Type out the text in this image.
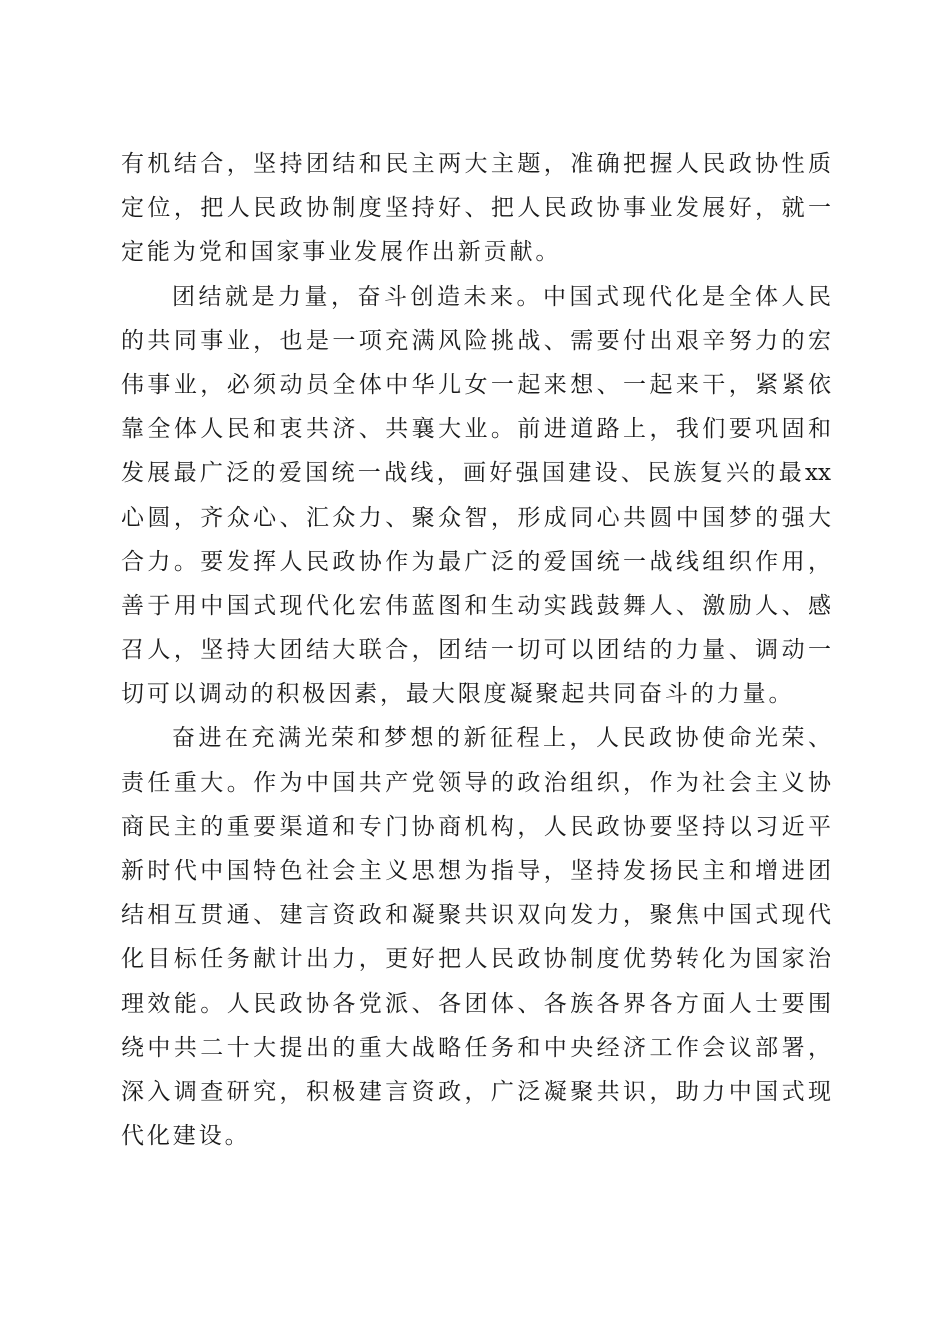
有机结合，坚持团结和民主两大主题，准确把握人民政协性质
定位，把人民政协制度坚持好、把人民政协事业发展好，就一
定能为党和国家事业发展作出新贡献。
团结就是力量，奋斗创造未来。中国式现代化是全体人民
的共同事业，也是一项充满风险挑战、需要付出艰辛努力的宏
伟事业，必须动员全体中华儿女一起来想、一起来干，紧紧依
靠全体人民和衷共济、共襄大业。前进道路上，我们要巩固和
发展最广泛的爱国统一战线，画好强国建设、民族复兴的最xx
心圆，齐众心、汇众力、聚众智，形成同心共圆中国梦的强大
合力。要发挥人民政协作为最广泛的爱国统一战线组织作用，
善于用中国式现代化宏伟蓝图和生动实践鼓舞人、激励人、感
召人，坚持大团结大联合，团结一切可以团结的力量、调动一
切可以调动的积极因素，最大限度凝聚起共同奋斗的力量。
奋进在充满光荣和梦想的新征程上，人民政协使命光荣、
责任重大。作为中国共产党领导的政治组织，作为社会主义协
商民主的重要渠道和专门协商机构，人民政协要坚持以习近平
新时代中国特色社会主义思想为指导，坚持发扬民主和增进团
结相互贯通、建言资政和凝聚共识双向发力，聚焦中国式现代
化目标任务献计出力，更好把人民政协制度优势转化为国家治
理效能。人民政协各党派、各团体、各族各界各方面人士要围
绕中共二十大提出的重大战略任务和中央经济工作会议部署，
深入调查研究，积极建言资政，广泛凝聚共识，助力中国式现
代化建设。
